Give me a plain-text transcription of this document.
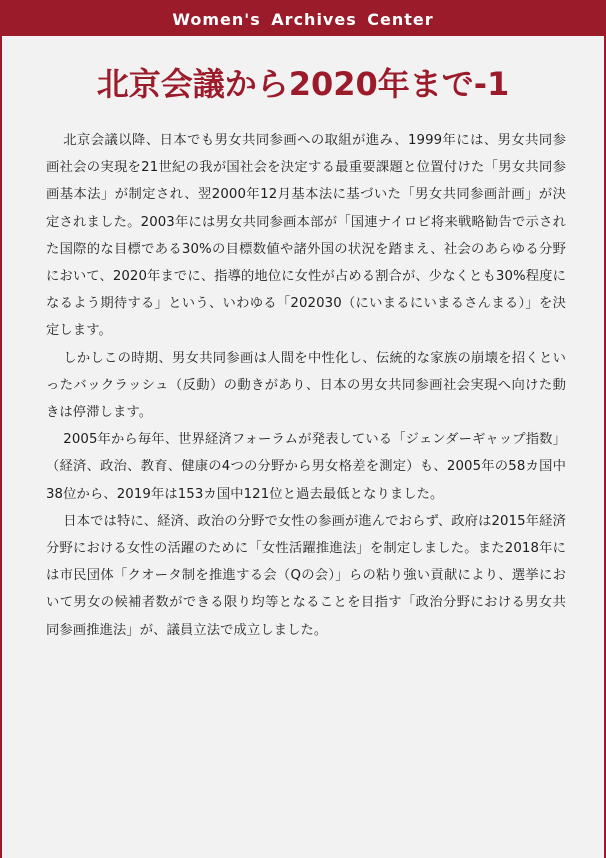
Women's Archives Center
北京会議から2020年まで-1

北京会議以降、日本でも男女共同参画への取組が進み、1999年には、男女共同参画社会の実現を21世紀の我が国社会を決定する最重要課題と位置付けた「男女共同参画基本法」が制定され、翌2000年12月基本法に基づいた「男女共同参画計画」が決定されました。2003年には男女共同参画本部が「国連ナイロビ将来戦略勧告で示された国際的な目標である30%の目標数値や諸外国の状況を踏まえ、社会のあらゆる分野において、2020年までに、指導的地位に女性が占める割合が、少なくとも30%程度になるよう期待する」という、いわゆる「202030（にいまるにいまるさんまる）」を決定します。

しかしこの時期、男女共同参画は人間を中性化し、伝統的な家族の崩壊を招くといったバックラッシュ（反動）の動きがあり、日本の男女共同参画社会実現へ向けた動きは停滞します。

2005年から毎年、世界経済フォーラムが発表している「ジェンダーギャップ指数」（経済、政治、教育、健康の4つの分野から男女格差を測定）も、2005年の58カ国中38位から、2019年は153カ国中121位と過去最低となりました。

日本では特に、経済、政治の分野で女性の参画が進んでおらず、政府は2015年経済分野における女性の活躍のために「女性活躍推進法」を制定しました。また2018年には市民団体「クオータ制を推進する会（Qの会）」らの粘り強い貢献により、選挙において男女の候補者数ができる限り均等となることを目指す「政治分野における男女共同参画推進法」が、議員立法で成立しました。
